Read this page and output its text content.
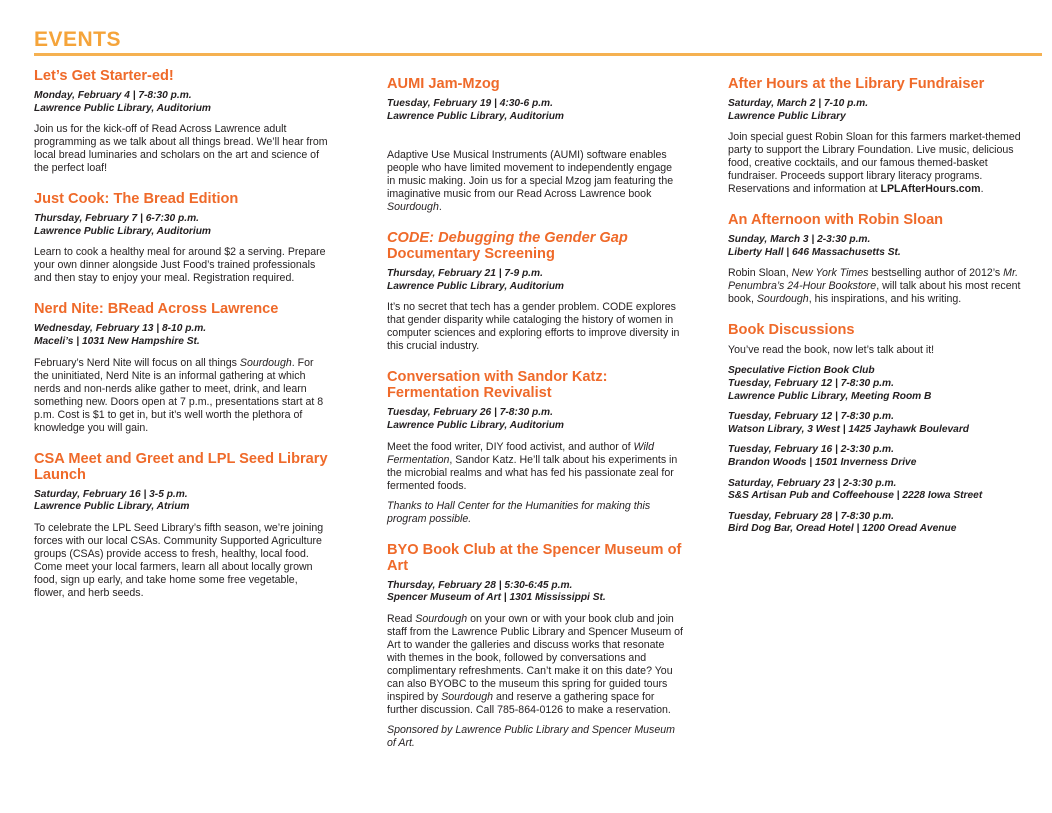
EVENTS
Let’s Get Starter-ed!
Monday, February 4 | 7-8:30 p.m.
Lawrence Public Library, Auditorium

Join us for the kick-off of Read Across Lawrence adult programming as we talk about all things bread. We’ll hear from local bread luminaries and scholars on the art and science of the perfect loaf!

Just Cook: The Bread Edition
Thursday, February 7 | 6-7:30 p.m.
Lawrence Public Library, Auditorium

Learn to cook a healthy meal for around $2 a serving. Prepare your own dinner alongside Just Food’s trained professionals and then stay to enjoy your meal. Registration required.

Nerd Nite: BRead Across Lawrence
Wednesday, February 13 | 8-10 p.m.
Maceli’s | 1031 New Hampshire St.

February’s Nerd Nite will focus on all things Sourdough. For the uninitiated, Nerd Nite is an informal gathering at which nerds and non-nerds alike gather to meet, drink, and learn something new. Doors open at 7 p.m., presentations start at 8 p.m. Cost is $1 to get in, but it’s well worth the plethora of knowledge you will gain.

CSA Meet and Greet and LPL Seed Library Launch
Saturday, February 16 | 3-5 p.m.
Lawrence Public Library, Atrium

To celebrate the LPL Seed Library’s fifth season, we’re joining forces with our local CSAs. Community Supported Agriculture groups (CSAs) provide access to fresh, healthy, local food. Come meet your local farmers, learn all about locally grown food, sign up early, and take home some free vegetable, flower, and herb seeds.

AUMI Jam-Mzog
Tuesday, February 19 | 4:30-6 p.m.
Lawrence Public Library, Auditorium

Adaptive Use Musical Instruments (AUMI) software enables people who have limited movement to independently engage in music making. Join us for a special Mzog jam featuring the imaginative music from our Read Across Lawrence book Sourdough.

CODE: Debugging the Gender Gap
Documentary Screening
Thursday, February 21 | 7-9 p.m.
Lawrence Public Library, Auditorium

It’s no secret that tech has a gender problem. CODE explores that gender disparity while cataloging the history of women in computer sciences and exploring efforts to improve diversity in this crucial industry.

Conversation with Sandor Katz: Fermentation Revivalist
Tuesday, February 26 | 7-8:30 p.m.
Lawrence Public Library, Auditorium

Meet the food writer, DIY food activist, and author of Wild Fermentation, Sandor Katz. He’ll talk about his experiments in the microbial realms and what has fed his passionate zeal for fermented foods.

Thanks to Hall Center for the Humanities for making this program possible.

BYO Book Club at the Spencer Museum of Art
Thursday, February 28 | 5:30-6:45 p.m.
Spencer Museum of Art | 1301 Mississippi St.

Read Sourdough on your own or with your book club and join staff from the Lawrence Public Library and Spencer Museum of Art to wander the galleries and discuss works that resonate with themes in the book, followed by conversations and complimentary refreshments. Can’t make it on this date? You can also BYOBC to the museum this spring for guided tours inspired by Sourdough and reserve a gathering space for further discussion. Call 785-864-0126 to make a reservation.

Sponsored by Lawrence Public Library and Spencer Museum of Art.

After Hours at the Library Fundraiser
Saturday, March 2 | 7-10 p.m.
Lawrence Public Library

Join special guest Robin Sloan for this farmers market-themed party to support the Library Foundation. Live music, delicious food, creative cocktails, and our famous themed-basket fundraiser. Proceeds support library literacy programs. Reservations and information at LPLAfterHours.com.

An Afternoon with Robin Sloan
Sunday, March 3 | 2-3:30 p.m.
Liberty Hall | 646 Massachusetts St.

Robin Sloan, New York Times bestselling author of 2012’s Mr. Penumbra’s 24-Hour Bookstore, will talk about his most recent book, Sourdough, his inspirations, and his writing.

Book Discussions

You’ve read the book, now let’s talk about it!

Speculative Fiction Book Club
Tuesday, February 12 | 7-8:30 p.m.
Lawrence Public Library, Meeting Room B
Tuesday, February 12 | 7-8:30 p.m.
Watson Library, 3 West | 1425 Jayhawk Boulevard
Tuesday, February 16 | 2-3:30 p.m.
Brandon Woods | 1501 Inverness Drive
Saturday, February 23 | 2-3:30 p.m.
S&S Artisan Pub and Coffeehouse | 2228 Iowa Street
Tuesday, February 28 | 7-8:30 p.m.
Bird Dog Bar, Oread Hotel | 1200 Oread Avenue
